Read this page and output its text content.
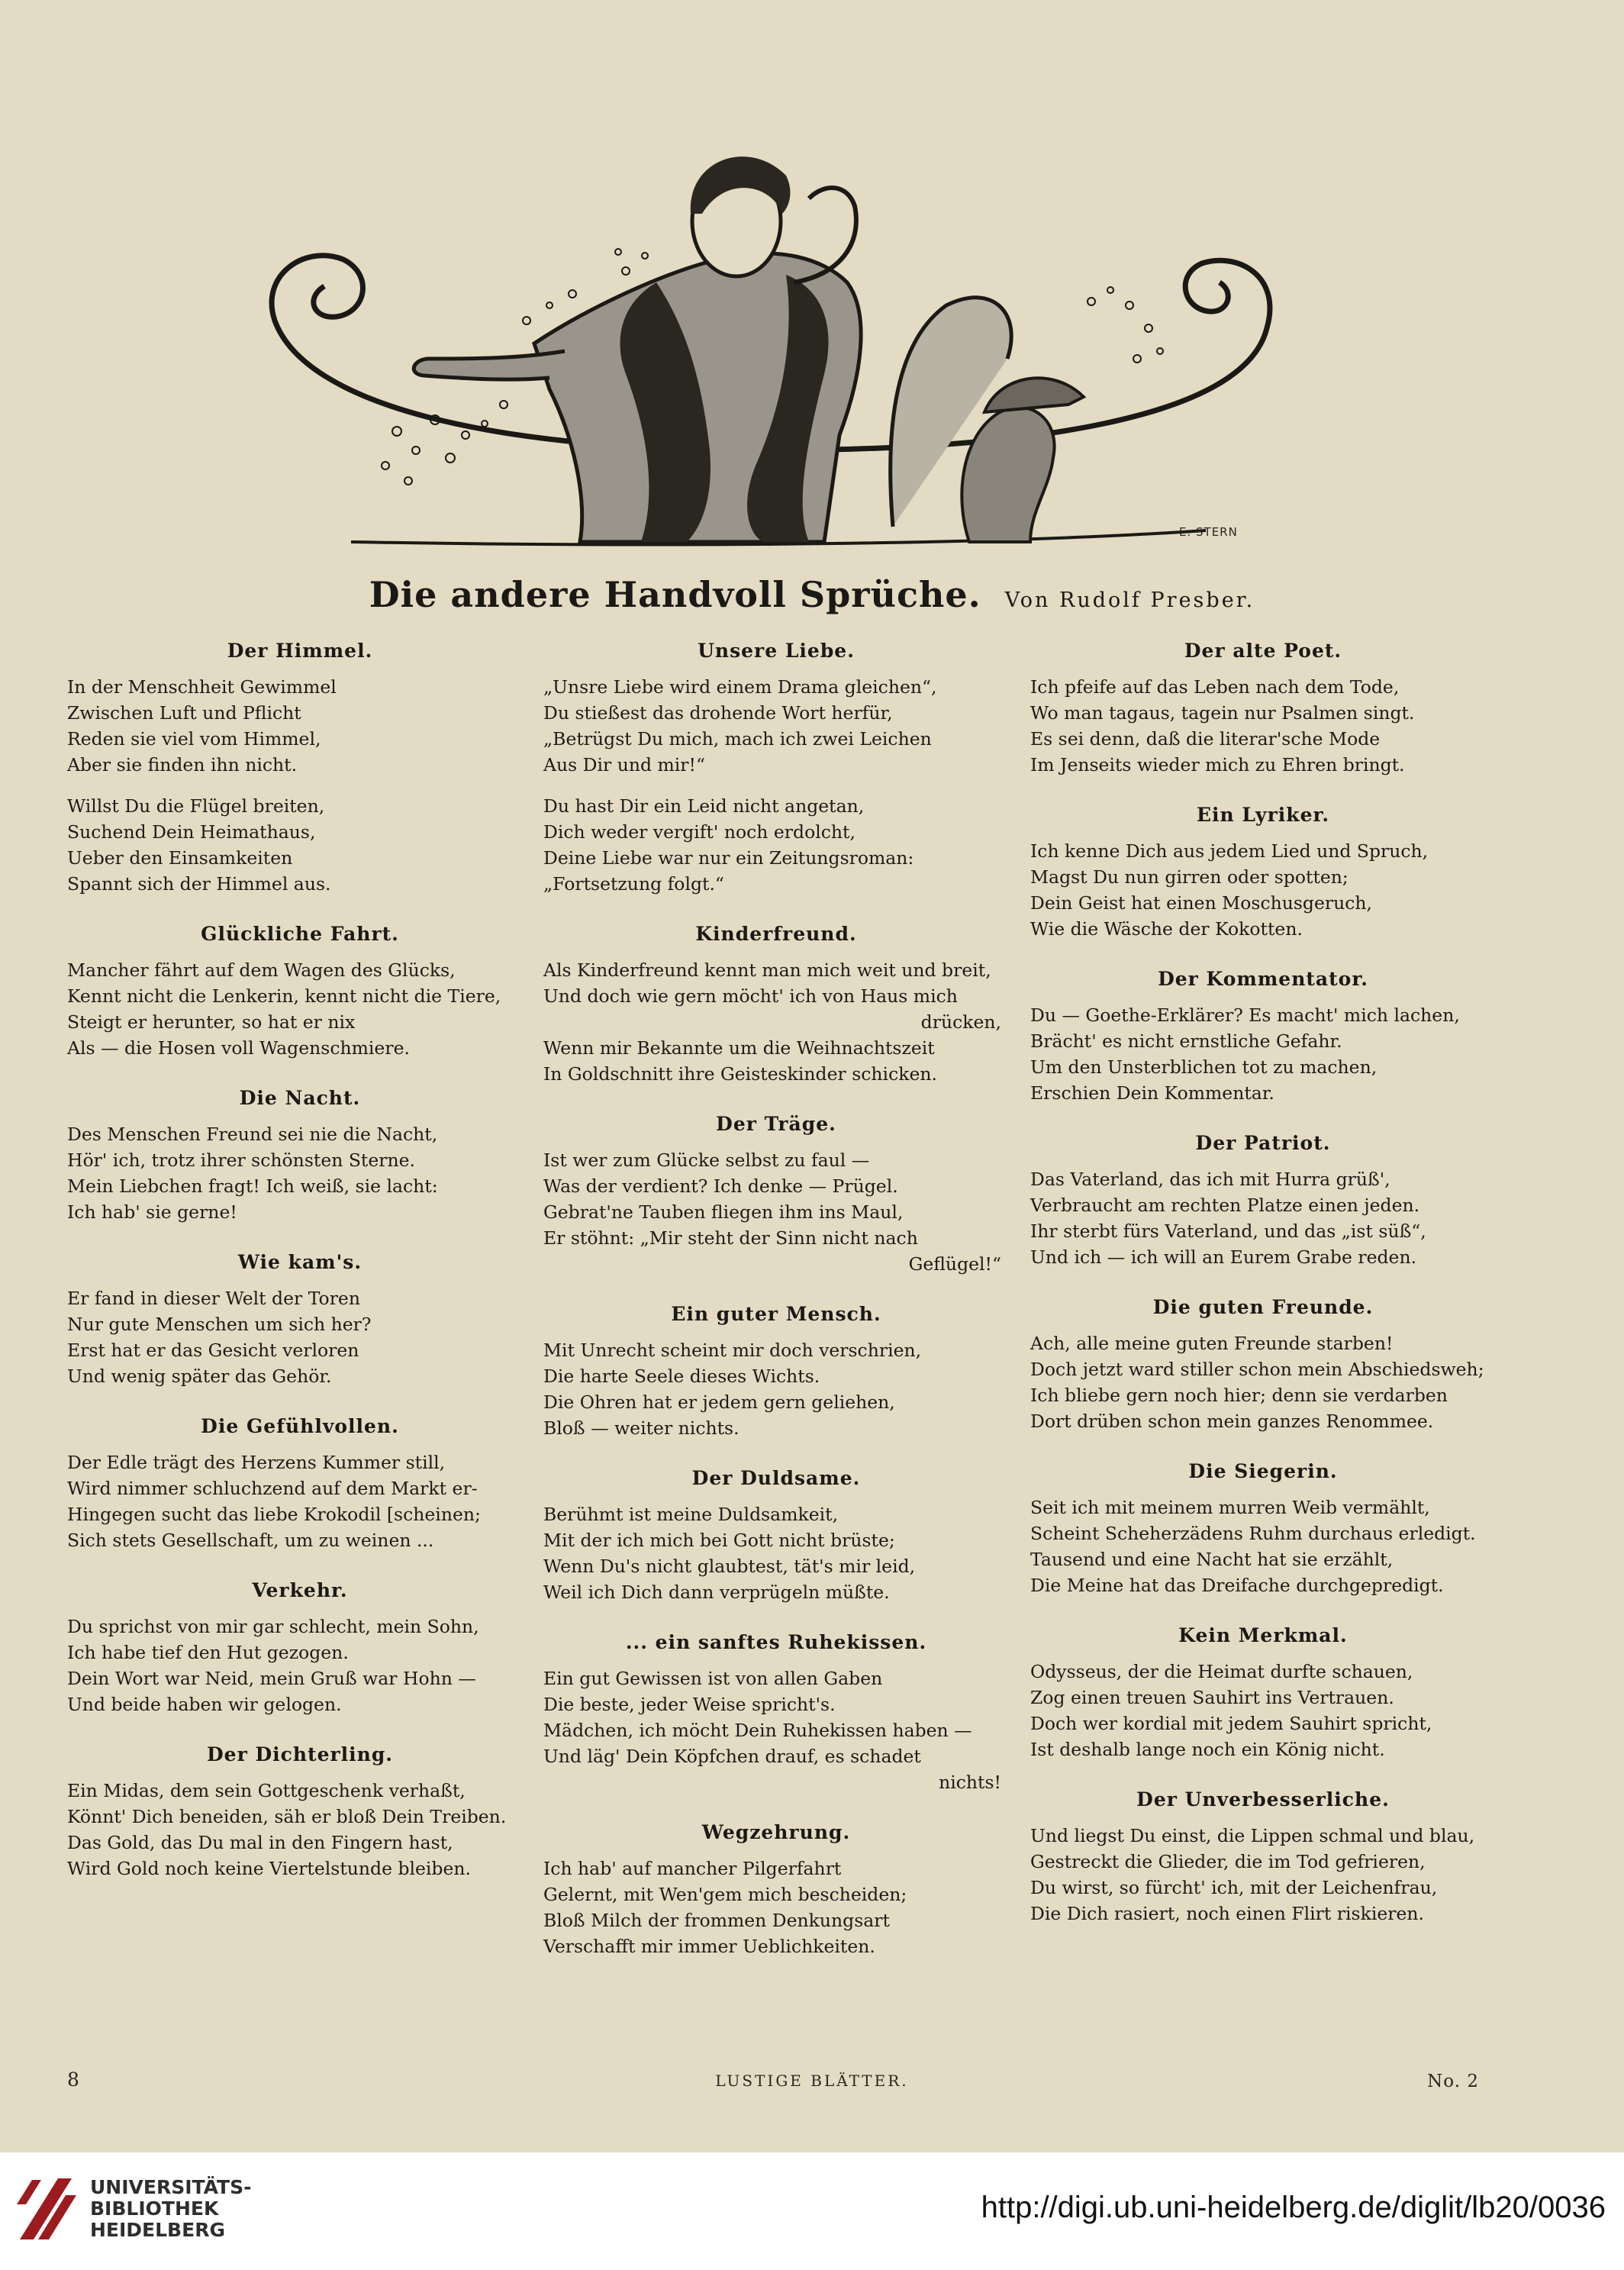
E. STERN
Die andere Handvoll Sprüche. Von Rudolf Presber.
Der Himmel.
In der Menschheit Gewimmel
Zwischen Luft und Pflicht
Reden sie viel vom Himmel,
Aber sie finden ihn nicht.
Willst Du die Flügel breiten,
Suchend Dein Heimathaus,
Ueber den Einsamkeiten
Spannt sich der Himmel aus.
Glückliche Fahrt.
Mancher fährt auf dem Wagen des Glücks,
Kennt nicht die Lenkerin, kennt nicht die Tiere,
Steigt er herunter, so hat er nix
Als — die Hosen voll Wagenschmiere.
Die Nacht.
Des Menschen Freund sei nie die Nacht,
Hör' ich, trotz ihrer schönsten Sterne.
Mein Liebchen fragt! Ich weiß, sie lacht:
Ich hab' sie gerne!
Wie kam's.
Er fand in dieser Welt der Toren
Nur gute Menschen um sich her?
Erst hat er das Gesicht verloren
Und wenig später das Gehör.
Die Gefühlvollen.
Der Edle trägt des Herzens Kummer still,
Wird nimmer schluchzend auf dem Markt er-
Hingegen sucht das liebe Krokodil [scheinen;
Sich stets Gesellschaft, um zu weinen ...
Verkehr.
Du sprichst von mir gar schlecht, mein Sohn,
Ich habe tief den Hut gezogen.
Dein Wort war Neid, mein Gruß war Hohn —
Und beide haben wir gelogen.
Der Dichterling.
Ein Midas, dem sein Gottgeschenk verhaßt,
Könnt' Dich beneiden, säh er bloß Dein Treiben.
Das Gold, das Du mal in den Fingern hast,
Wird Gold noch keine Viertelstunde bleiben.
Unsere Liebe.
„Unsre Liebe wird einem Drama gleichen“,
Du stießest das drohende Wort herfür,
„Betrügst Du mich, mach ich zwei Leichen
Aus Dir und mir!“
Du hast Dir ein Leid nicht angetan,
Dich weder vergift' noch erdolcht,
Deine Liebe war nur ein Zeitungsroman:
„Fortsetzung folgt.“
Kinderfreund.
Als Kinderfreund kennt man mich weit und breit,
Und doch wie gern möcht' ich von Haus mich
drücken,
Wenn mir Bekannte um die Weihnachtszeit
In Goldschnitt ihre Geisteskinder schicken.
Der Träge.
Ist wer zum Glücke selbst zu faul —
Was der verdient? Ich denke — Prügel.
Gebrat'ne Tauben fliegen ihm ins Maul,
Er stöhnt: „Mir steht der Sinn nicht nach
Geflügel!“
Ein guter Mensch.
Mit Unrecht scheint mir doch verschrien,
Die harte Seele dieses Wichts.
Die Ohren hat er jedem gern geliehen,
Bloß — weiter nichts.
Der Duldsame.
Berühmt ist meine Duldsamkeit,
Mit der ich mich bei Gott nicht brüste;
Wenn Du's nicht glaubtest, tät's mir leid,
Weil ich Dich dann verprügeln müßte.
... ein sanftes Ruhekissen.
Ein gut Gewissen ist von allen Gaben
Die beste, jeder Weise spricht's.
Mädchen, ich möcht Dein Ruhekissen haben —
Und läg' Dein Köpfchen drauf, es schadet
nichts!
Wegzehrung.
Ich hab' auf mancher Pilgerfahrt
Gelernt, mit Wen'gem mich bescheiden;
Bloß Milch der frommen Denkungsart
Verschafft mir immer Ueblichkeiten.
Der alte Poet.
Ich pfeife auf das Leben nach dem Tode,
Wo man tagaus, tagein nur Psalmen singt.
Es sei denn, daß die literar'sche Mode
Im Jenseits wieder mich zu Ehren bringt.
Ein Lyriker.
Ich kenne Dich aus jedem Lied und Spruch,
Magst Du nun girren oder spotten;
Dein Geist hat einen Moschusgeruch,
Wie die Wäsche der Kokotten.
Der Kommentator.
Du — Goethe-Erklärer? Es macht' mich lachen,
Brächt' es nicht ernstliche Gefahr.
Um den Unsterblichen tot zu machen,
Erschien Dein Kommentar.
Der Patriot.
Das Vaterland, das ich mit Hurra grüß',
Verbraucht am rechten Platze einen jeden.
Ihr sterbt fürs Vaterland, und das „ist süß“,
Und ich — ich will an Eurem Grabe reden.
Die guten Freunde.
Ach, alle meine guten Freunde starben!
Doch jetzt ward stiller schon mein Abschiedsweh;
Ich bliebe gern noch hier; denn sie verdarben
Dort drüben schon mein ganzes Renommee.
Die Siegerin.
Seit ich mit meinem murren Weib vermählt,
Scheint Scheherzädens Ruhm durchaus erledigt.
Tausend und eine Nacht hat sie erzählt,
Die Meine hat das Dreifache durchgepredigt.
Kein Merkmal.
Odysseus, der die Heimat durfte schauen,
Zog einen treuen Sauhirt ins Vertrauen.
Doch wer kordial mit jedem Sauhirt spricht,
Ist deshalb lange noch ein König nicht.
Der Unverbesserliche.
Und liegst Du einst, die Lippen schmal und blau,
Gestreckt die Glieder, die im Tod gefrieren,
Du wirst, so fürcht' ich, mit der Leichenfrau,
Die Dich rasiert, noch einen Flirt riskieren.
8	LUSTIGE BLÄTTER.	No. 2
UNIVERSITÄTS-
BIBLIOTHEK
HEIDELBERG
http://digi.ub.uni-heidelberg.de/diglit/lb20/0036
